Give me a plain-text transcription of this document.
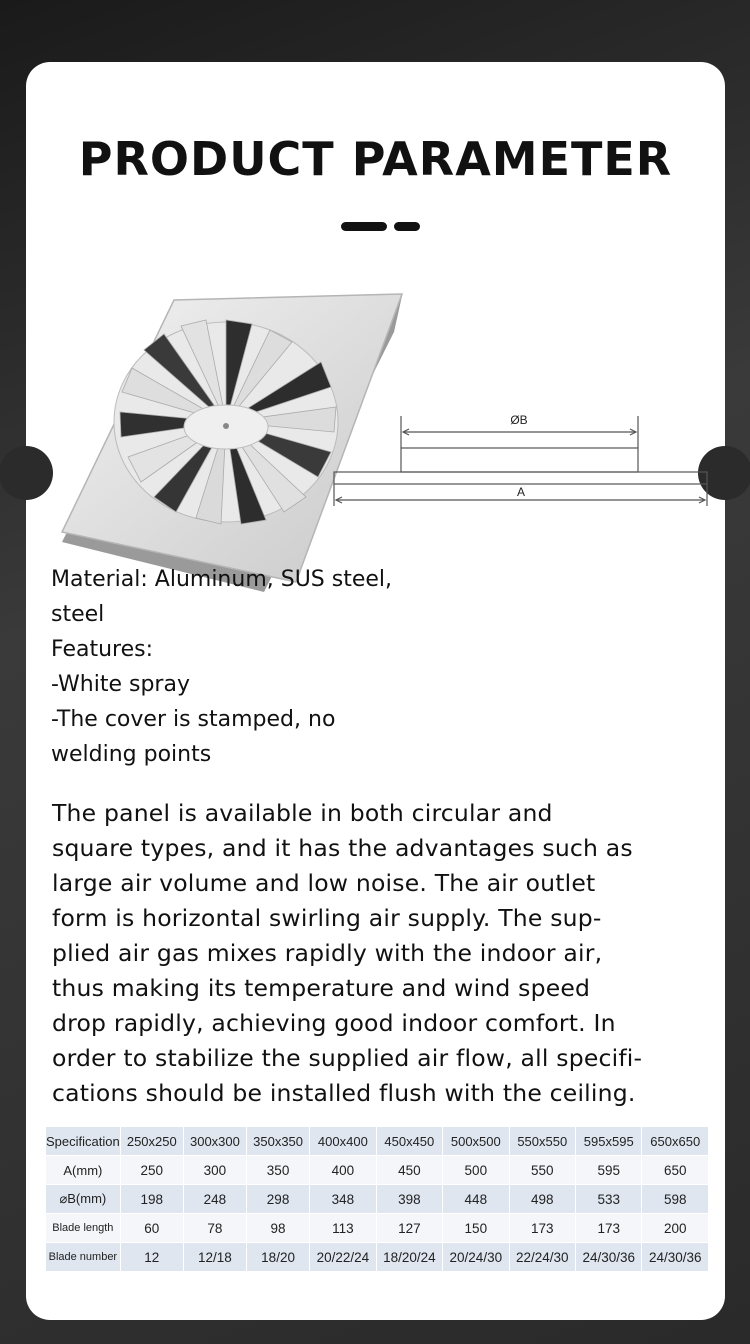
PRODUCT PARAMETER
ØB
A
Material: Aluminum, SUS steel,
steel
Features:
-White spray
-The cover is stamped, no
welding points
The panel is available in both circular and
square types, and it has the advantages such as
large air volume and low noise. The air outlet
form is horizontal swirling air supply. The sup-
plied air gas mixes rapidly with the indoor air,
thus making its temperature and wind speed
drop rapidly, achieving good indoor comfort. In
order to stabilize the supplied air flow, all specifi-
cations should be installed flush with the ceiling.
Specification	250x250	300x300	350x350	400x400	450x450	500x500	550x550	595x595	650x650
A(mm)	250	300	350	400	450	500	550	595	650
⌀B(mm)	198	248	298	348	398	448	498	533	598
Blade length	60	78	98	113	127	150	173	173	200
Blade number	12	12/18	18/20	20/22/24	18/20/24	20/24/30	22/24/30	24/30/36	24/30/36
